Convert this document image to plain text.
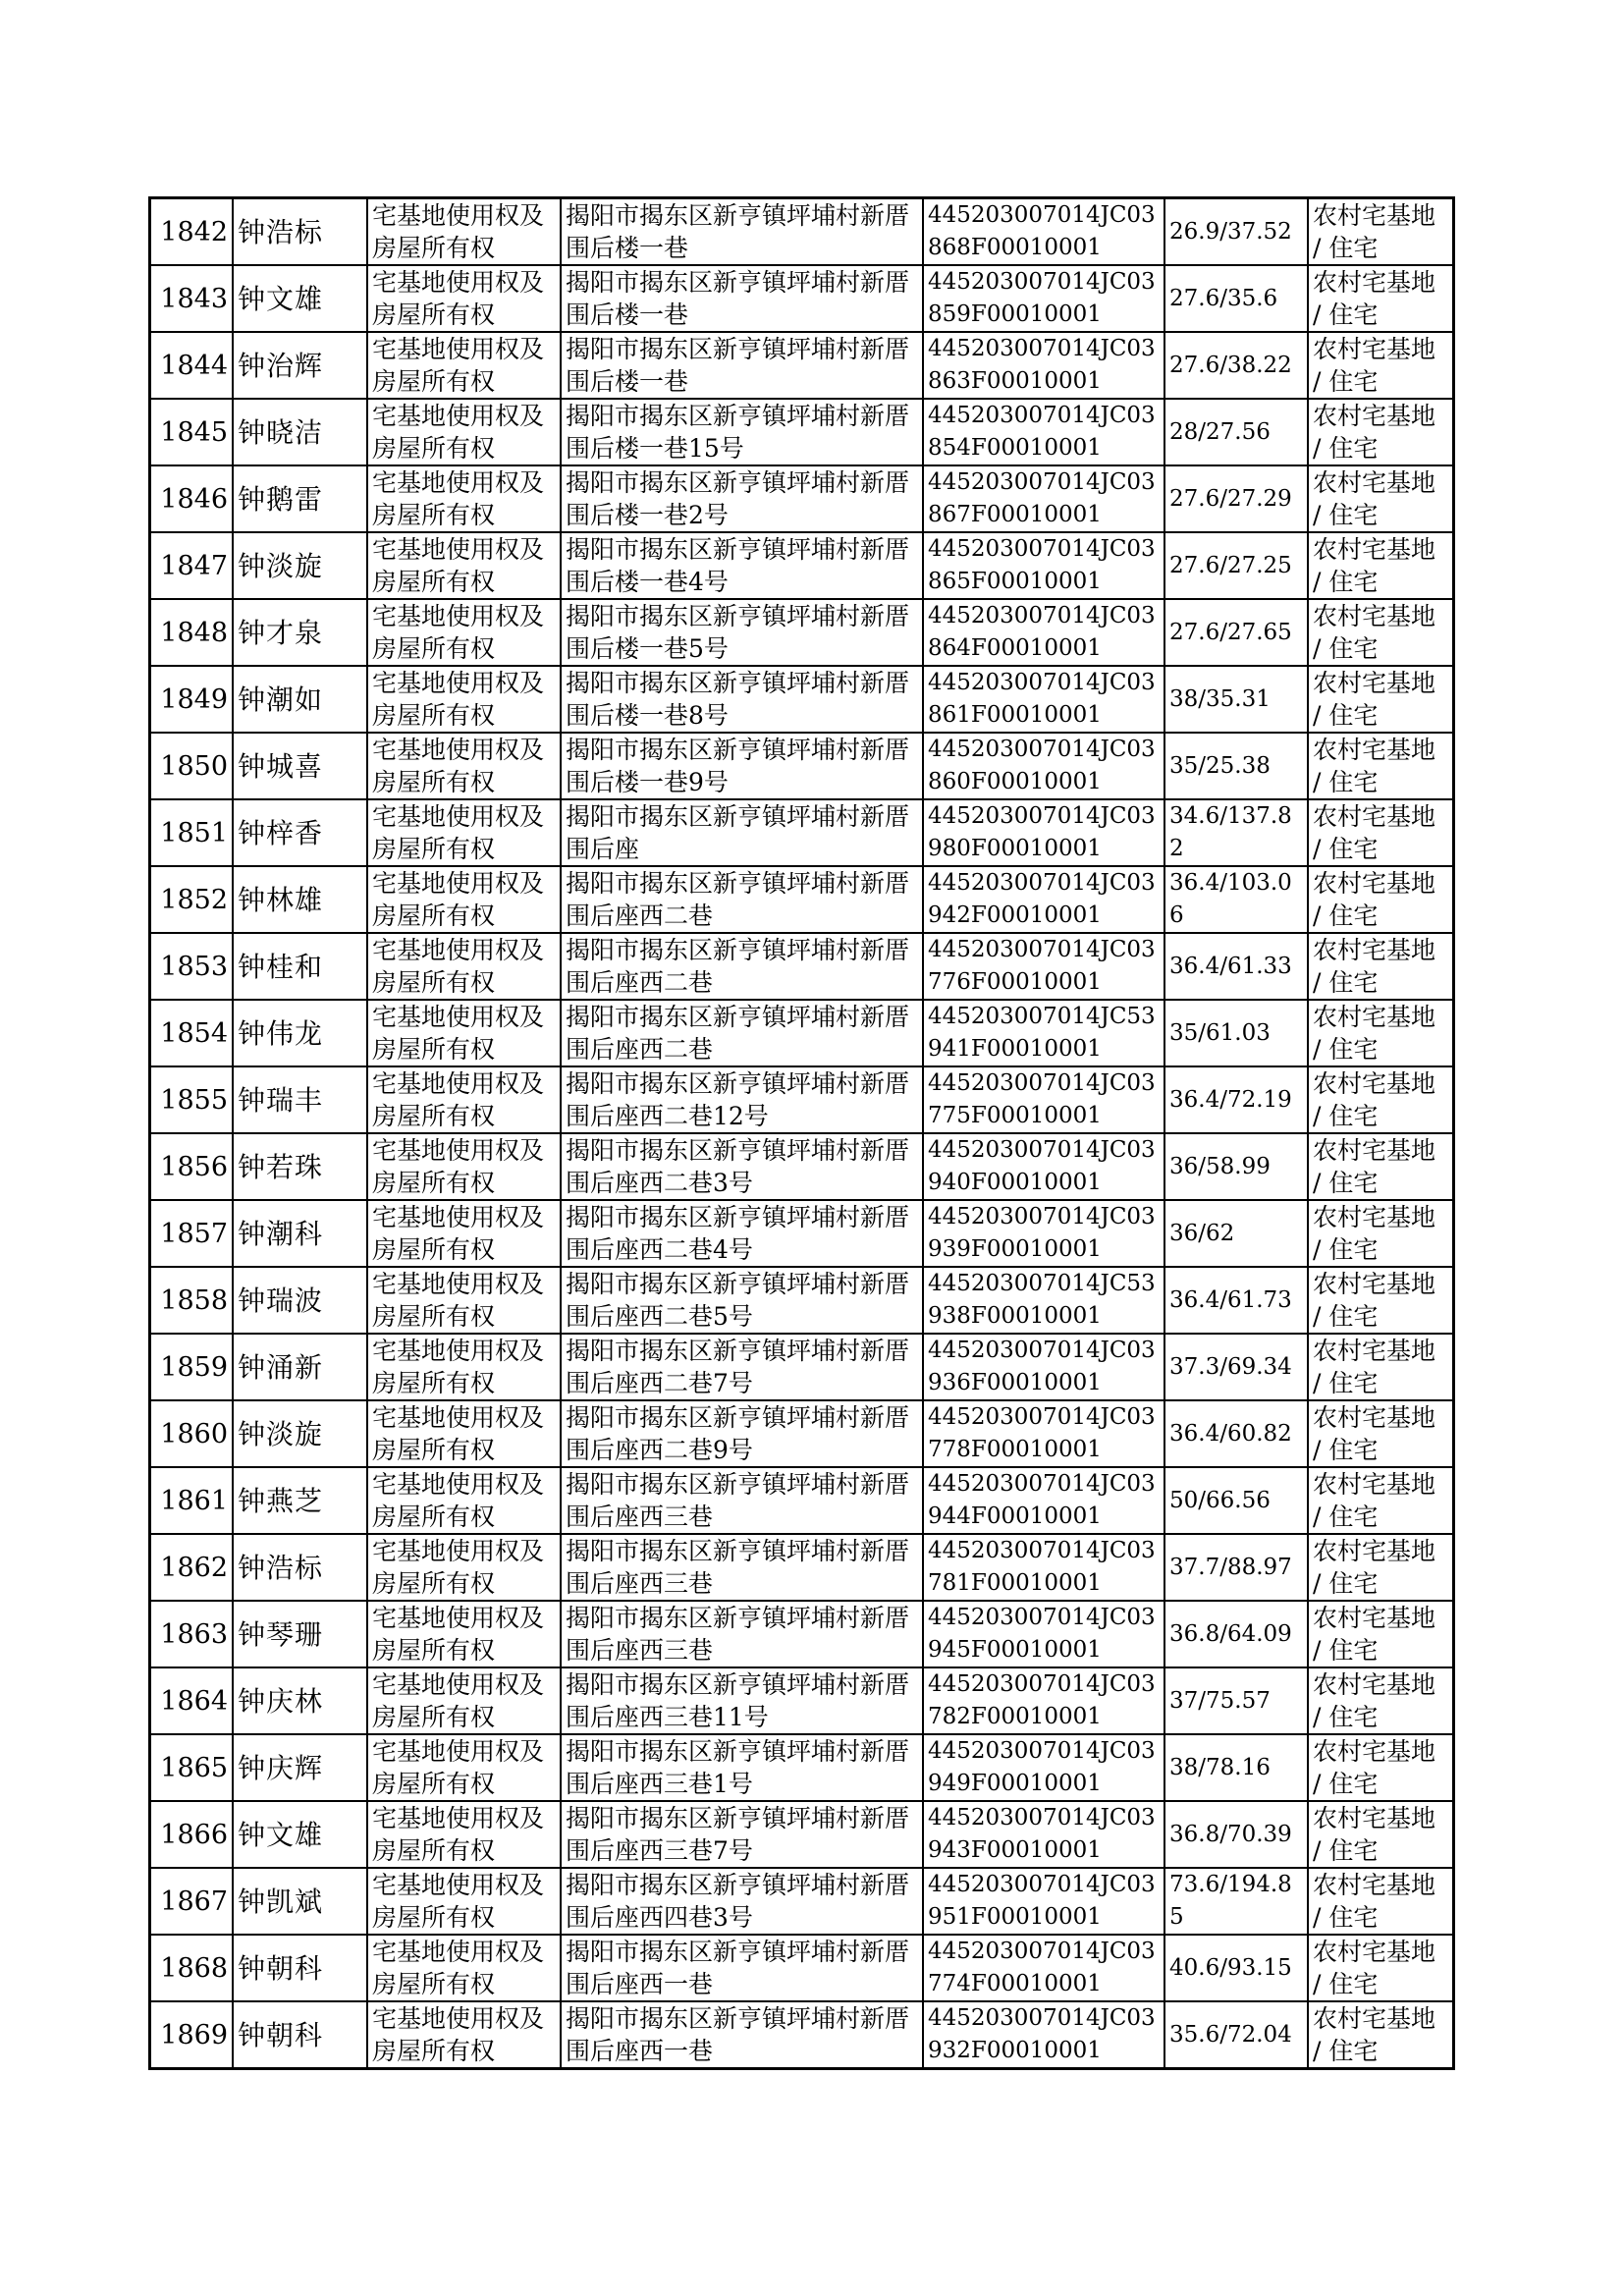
1842	钟浩标	宅基地使用权及房屋所有权	揭阳市揭东区新亨镇坪埔村新厝围后楼一巷	445203007014JC03868F00010001	26.9/37.52	农村宅基地 / 住宅
1843	钟文雄	宅基地使用权及房屋所有权	揭阳市揭东区新亨镇坪埔村新厝围后楼一巷	445203007014JC03859F00010001	27.6/35.6	农村宅基地 / 住宅
1844	钟治辉	宅基地使用权及房屋所有权	揭阳市揭东区新亨镇坪埔村新厝围后楼一巷	445203007014JC03863F00010001	27.6/38.22	农村宅基地 / 住宅
1845	钟晓洁	宅基地使用权及房屋所有权	揭阳市揭东区新亨镇坪埔村新厝围后楼一巷15号	445203007014JC03854F00010001	28/27.56	农村宅基地 / 住宅
1846	钟鹅雷	宅基地使用权及房屋所有权	揭阳市揭东区新亨镇坪埔村新厝围后楼一巷2号	445203007014JC03867F00010001	27.6/27.29	农村宅基地 / 住宅
1847	钟淡旋	宅基地使用权及房屋所有权	揭阳市揭东区新亨镇坪埔村新厝围后楼一巷4号	445203007014JC03865F00010001	27.6/27.25	农村宅基地 / 住宅
1848	钟才泉	宅基地使用权及房屋所有权	揭阳市揭东区新亨镇坪埔村新厝围后楼一巷5号	445203007014JC03864F00010001	27.6/27.65	农村宅基地 / 住宅
1849	钟潮如	宅基地使用权及房屋所有权	揭阳市揭东区新亨镇坪埔村新厝围后楼一巷8号	445203007014JC03861F00010001	38/35.31	农村宅基地 / 住宅
1850	钟城喜	宅基地使用权及房屋所有权	揭阳市揭东区新亨镇坪埔村新厝围后楼一巷9号	445203007014JC03860F00010001	35/25.38	农村宅基地 / 住宅
1851	钟梓香	宅基地使用权及房屋所有权	揭阳市揭东区新亨镇坪埔村新厝围后座	445203007014JC03980F00010001	34.6/137.82	农村宅基地 / 住宅
1852	钟林雄	宅基地使用权及房屋所有权	揭阳市揭东区新亨镇坪埔村新厝围后座西二巷	445203007014JC03942F00010001	36.4/103.06	农村宅基地 / 住宅
1853	钟桂和	宅基地使用权及房屋所有权	揭阳市揭东区新亨镇坪埔村新厝围后座西二巷	445203007014JC03776F00010001	36.4/61.33	农村宅基地 / 住宅
1854	钟伟龙	宅基地使用权及房屋所有权	揭阳市揭东区新亨镇坪埔村新厝围后座西二巷	445203007014JC53941F00010001	35/61.03	农村宅基地 / 住宅
1855	钟瑞丰	宅基地使用权及房屋所有权	揭阳市揭东区新亨镇坪埔村新厝围后座西二巷12号	445203007014JC03775F00010001	36.4/72.19	农村宅基地 / 住宅
1856	钟若珠	宅基地使用权及房屋所有权	揭阳市揭东区新亨镇坪埔村新厝围后座西二巷3号	445203007014JC03940F00010001	36/58.99	农村宅基地 / 住宅
1857	钟潮科	宅基地使用权及房屋所有权	揭阳市揭东区新亨镇坪埔村新厝围后座西二巷4号	445203007014JC03939F00010001	36/62	农村宅基地 / 住宅
1858	钟瑞波	宅基地使用权及房屋所有权	揭阳市揭东区新亨镇坪埔村新厝围后座西二巷5号	445203007014JC53938F00010001	36.4/61.73	农村宅基地 / 住宅
1859	钟涌新	宅基地使用权及房屋所有权	揭阳市揭东区新亨镇坪埔村新厝围后座西二巷7号	445203007014JC03936F00010001	37.3/69.34	农村宅基地 / 住宅
1860	钟淡旋	宅基地使用权及房屋所有权	揭阳市揭东区新亨镇坪埔村新厝围后座西二巷9号	445203007014JC03778F00010001	36.4/60.82	农村宅基地 / 住宅
1861	钟燕芝	宅基地使用权及房屋所有权	揭阳市揭东区新亨镇坪埔村新厝围后座西三巷	445203007014JC03944F00010001	50/66.56	农村宅基地 / 住宅
1862	钟浩标	宅基地使用权及房屋所有权	揭阳市揭东区新亨镇坪埔村新厝围后座西三巷	445203007014JC03781F00010001	37.7/88.97	农村宅基地 / 住宅
1863	钟琴珊	宅基地使用权及房屋所有权	揭阳市揭东区新亨镇坪埔村新厝围后座西三巷	445203007014JC03945F00010001	36.8/64.09	农村宅基地 / 住宅
1864	钟庆林	宅基地使用权及房屋所有权	揭阳市揭东区新亨镇坪埔村新厝围后座西三巷11号	445203007014JC03782F00010001	37/75.57	农村宅基地 / 住宅
1865	钟庆辉	宅基地使用权及房屋所有权	揭阳市揭东区新亨镇坪埔村新厝围后座西三巷1号	445203007014JC03949F00010001	38/78.16	农村宅基地 / 住宅
1866	钟文雄	宅基地使用权及房屋所有权	揭阳市揭东区新亨镇坪埔村新厝围后座西三巷7号	445203007014JC03943F00010001	36.8/70.39	农村宅基地 / 住宅
1867	钟凯斌	宅基地使用权及房屋所有权	揭阳市揭东区新亨镇坪埔村新厝围后座西四巷3号	445203007014JC03951F00010001	73.6/194.85	农村宅基地 / 住宅
1868	钟朝科	宅基地使用权及房屋所有权	揭阳市揭东区新亨镇坪埔村新厝围后座西一巷	445203007014JC03774F00010001	40.6/93.15	农村宅基地 / 住宅
1869	钟朝科	宅基地使用权及房屋所有权	揭阳市揭东区新亨镇坪埔村新厝围后座西一巷	445203007014JC03932F00010001	35.6/72.04	农村宅基地 / 住宅
